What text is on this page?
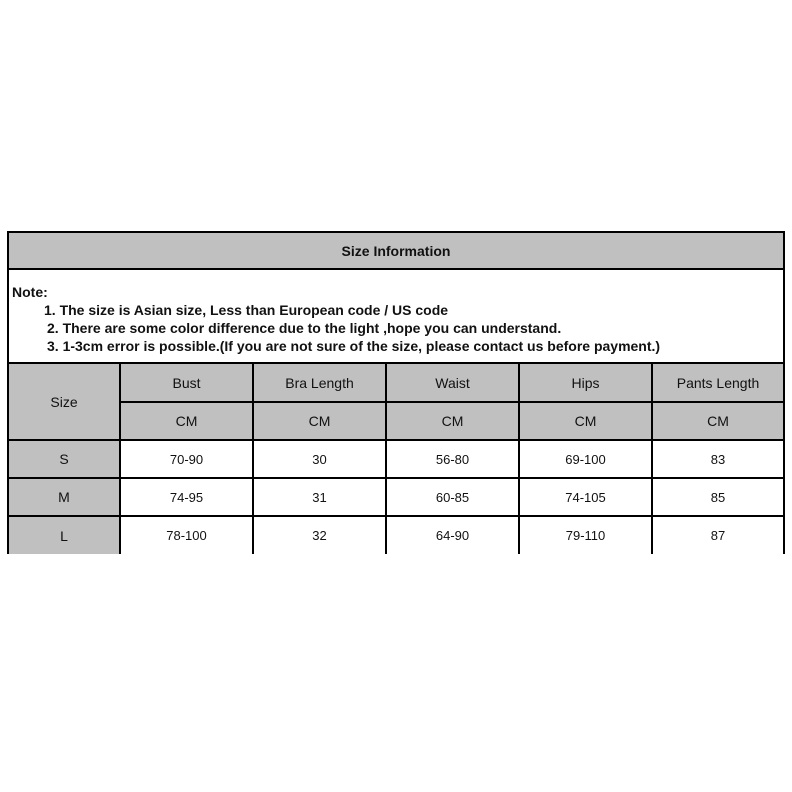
Size Information
Note:
1. The size is Asian size, Less than European code / US code
2. There are some color difference due to the light ,hope you can understand.
3. 1-3cm error is possible.(If you are not sure of the size, please contact us before payment.)
Size	Bust	Bra Length	Waist	Hips	Pants Length
	CM	CM	CM	CM	CM
S	70-90	30	56-80	69-100	83
M	74-95	31	60-85	74-105	85
L	78-100	32	64-90	79-110	87
